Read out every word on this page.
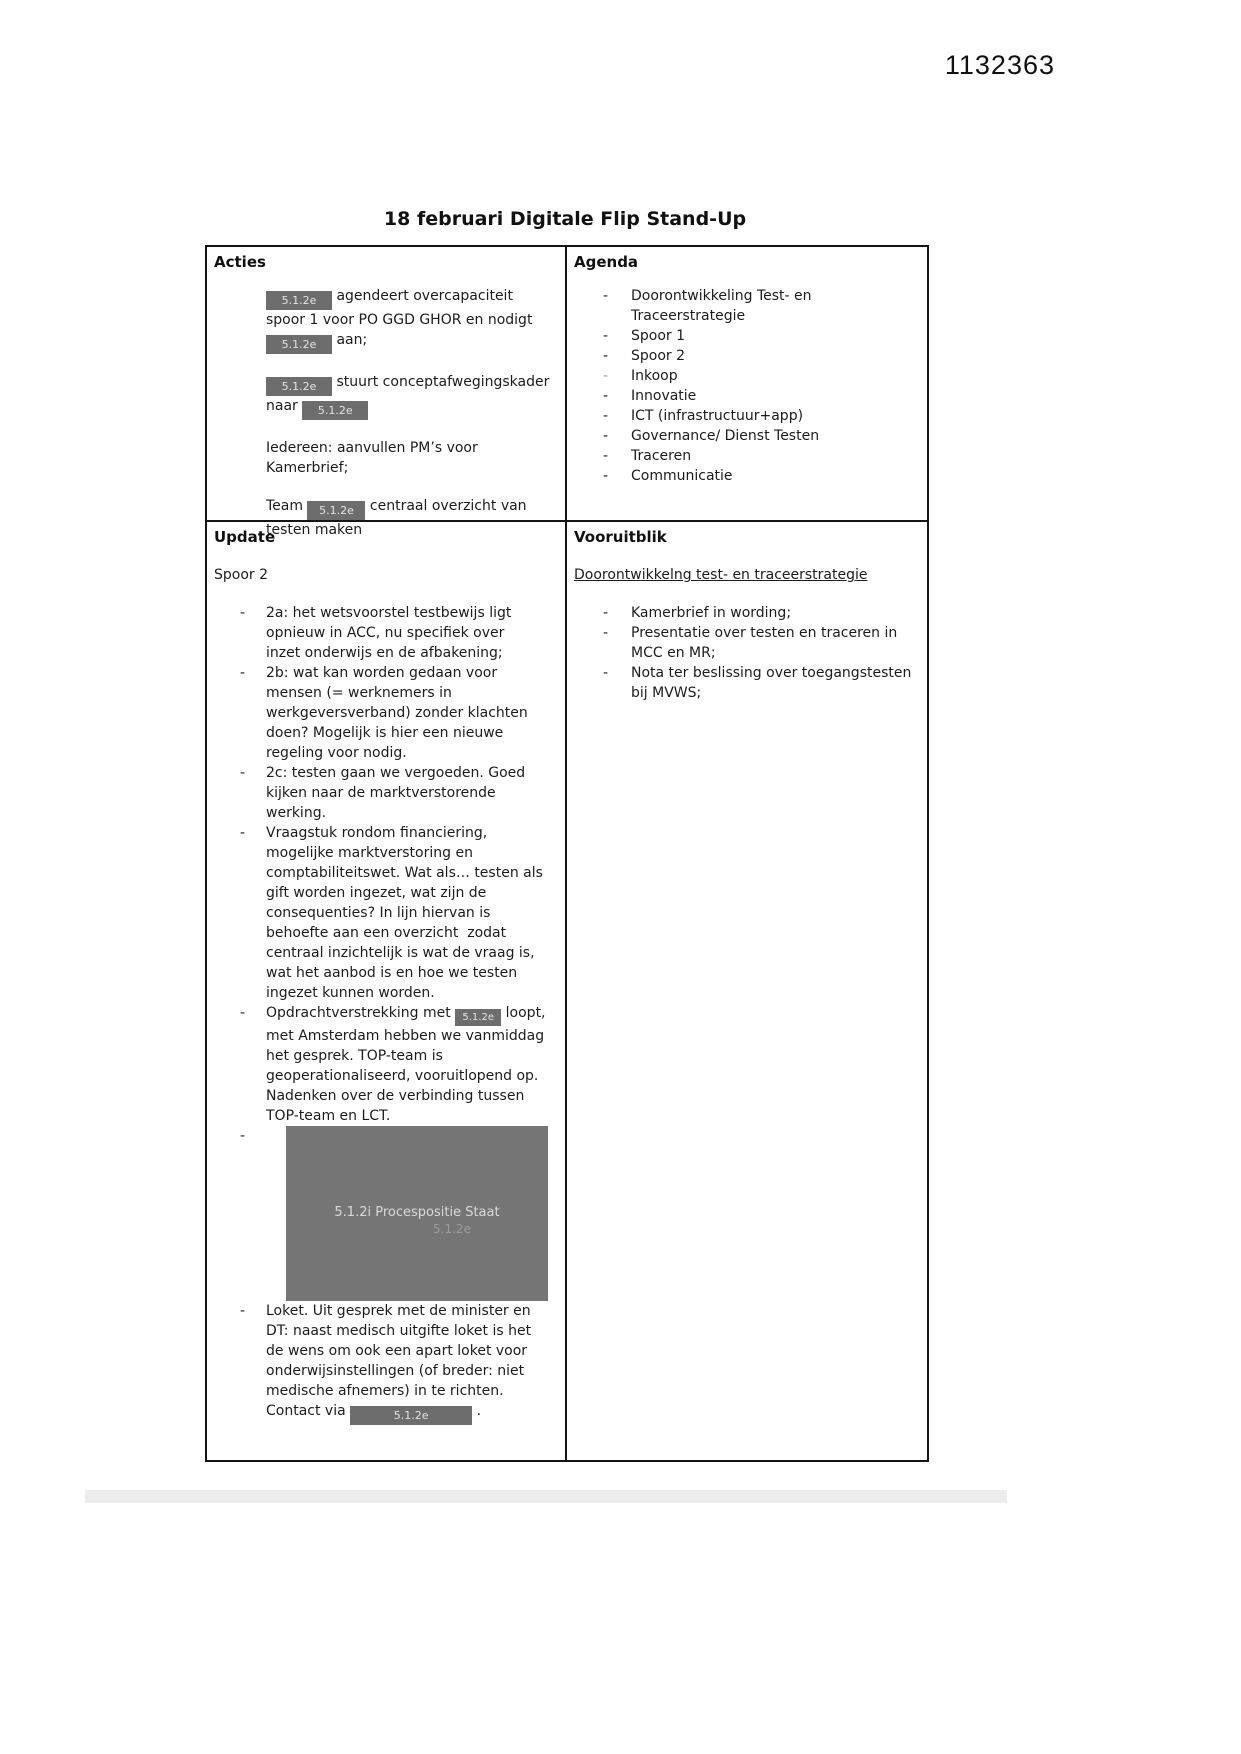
1132363
18 februari Digitale Flip Stand-Up
Acties

5.1.2e agendeert overcapaciteit
spoor 1 voor PO GGD GHOR en nodigt
5.1.2e aan;

5.1.2e stuurt conceptafwegingskader
naar 5.1.2e

Iedereen: aanvullen PM’s voor
Kamerbrief;

Team 5.1.2e centraal overzicht van
testen maken

Agenda
- Doorontwikkeling Test- en Traceerstrategie
- Spoor 1
- Spoor 2
- Inkoop
- Innovatie
- ICT (infrastructuur+app)
- Governance/ Dienst Testen
- Traceren
- Communicatie
Update
Spoor 2
- 2a: het wetsvoorstel testbewijs ligt
opnieuw in ACC, nu specifiek over
inzet onderwijs en de afbakening;
- 2b: wat kan worden gedaan voor
mensen (= werknemers in
werkgeversverband) zonder klachten
doen? Mogelijk is hier een nieuwe
regeling voor nodig.
- 2c: testen gaan we vergoeden. Goed
kijken naar de marktverstorende
werking.
- Vraagstuk rondom financiering,
mogelijke marktverstoring en
comptabiliteitswet. Wat als… testen als
gift worden ingezet, wat zijn de
consequenties? In lijn hiervan is
behoefte aan een overzicht  zodat
centraal inzichtelijk is wat de vraag is,
wat het aanbod is en hoe we testen
ingezet kunnen worden.
- Opdrachtverstrekking met 5.1.2e loopt,
met Amsterdam hebben we vanmiddag
het gesprek. TOP-team is
geoperationaliseerd, vooruitlopend op.
Nadenken over de verbinding tussen
TOP-team en LCT.
- 5.1.2i Procespositie Staat
5.1.2e
- Loket. Uit gesprek met de minister en
DT: naast medisch uitgifte loket is het
de wens om ook een apart loket voor
onderwijsinstellingen (of breder: niet
medische afnemers) in te richten.
Contact via	5.1.2e	.
Vooruitblik
Doorontwikkelng test- en traceerstrategie
- Kamerbrief in wording;
- Presentatie over testen en traceren in MCC en MR;
- Nota ter beslissing over toegangstesten bij MVWS;
